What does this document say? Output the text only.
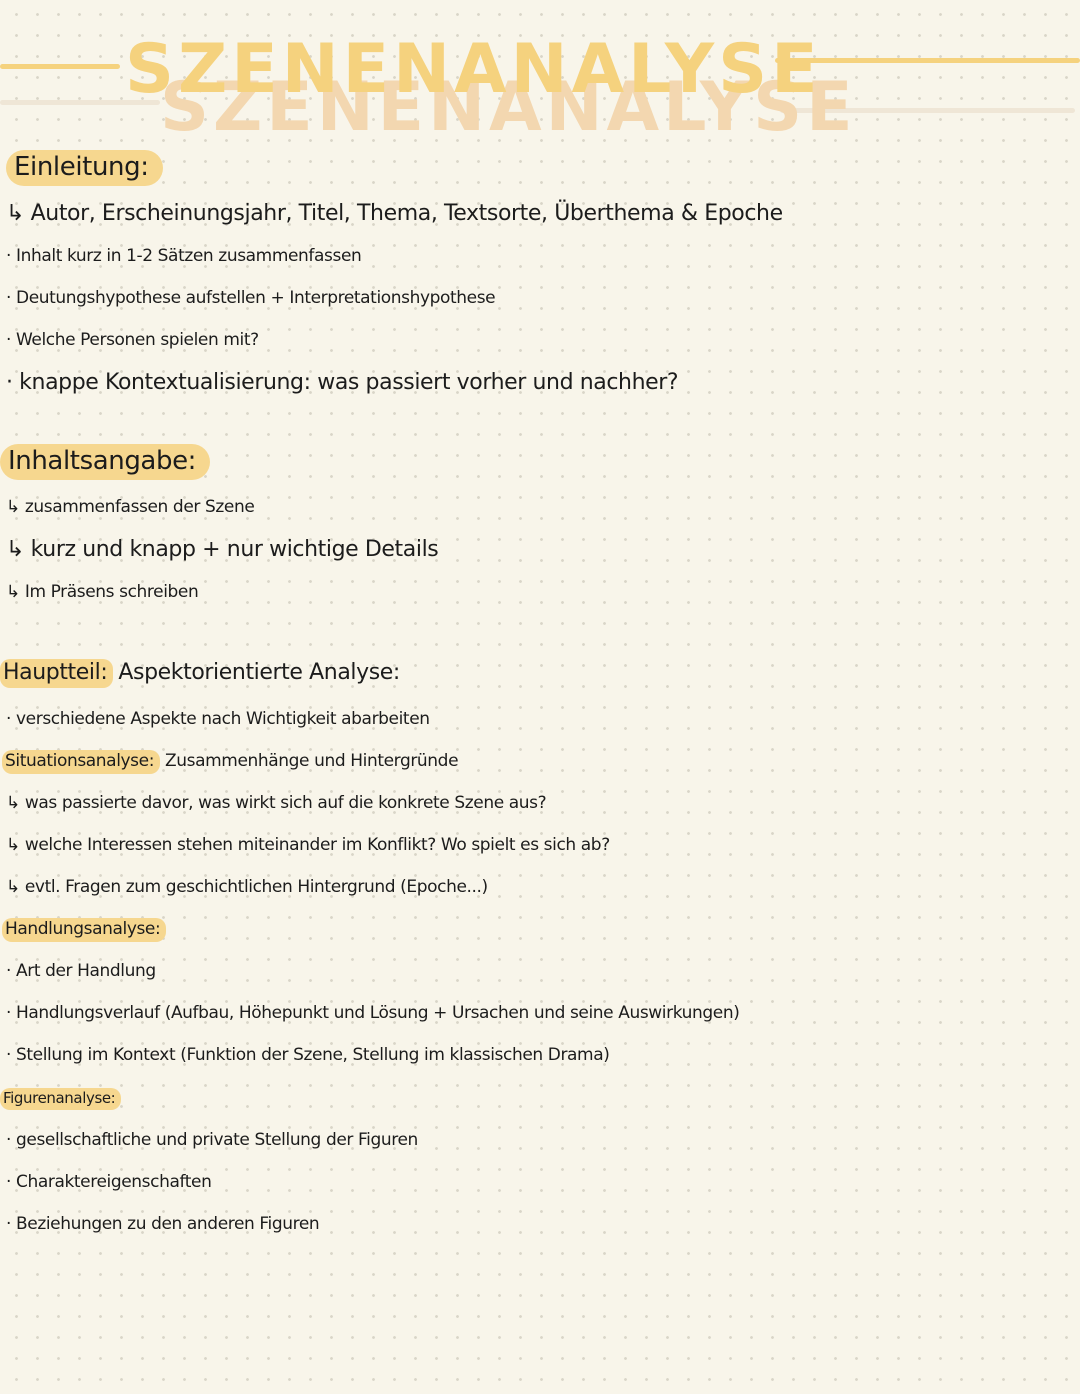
SZENENANALYSE
Einleitung:
↳ Autor, Erscheinungsjahr, Titel, Thema, Textsorte, Überthema & Epoche
· Inhalt kurz in 1-2 Sätzen zusammenfassen
· Deutungshypothese aufstellen + Interpretationshypothese
· Welche Personen spielen mit?
· knappe Kontextualisierung: was passiert vorher und nachher?
Inhaltsangabe:
↳ zusammenfassen der Szene
↳ kurz und knapp + nur wichtige Details
↳ Im Präsens schreiben
Hauptteil: Aspektorientierte Analyse:
· verschiedene Aspekte nach Wichtigkeit abarbeiten
Situationsanalyse: Zusammenhänge und Hintergründe
↳ was passierte davor, was wirkt sich auf die konkrete Szene aus?
↳ welche Interessen stehen miteinander im Konflikt? Wo spielt es sich ab?
↳ evtl. Fragen zum geschichtlichen Hintergrund (Epoche...)
Handlungsanalyse:
· Art der Handlung
· Handlungsverlauf (Aufbau, Höhepunkt und Lösung + Ursachen und seine Auswirkungen)
· Stellung im Kontext (Funktion der Szene, Stellung im klassischen Drama)
Figurenanalyse:
· gesellschaftliche und private Stellung der Figuren
· Charaktereigenschaften
· Beziehungen zu den anderen Figuren
